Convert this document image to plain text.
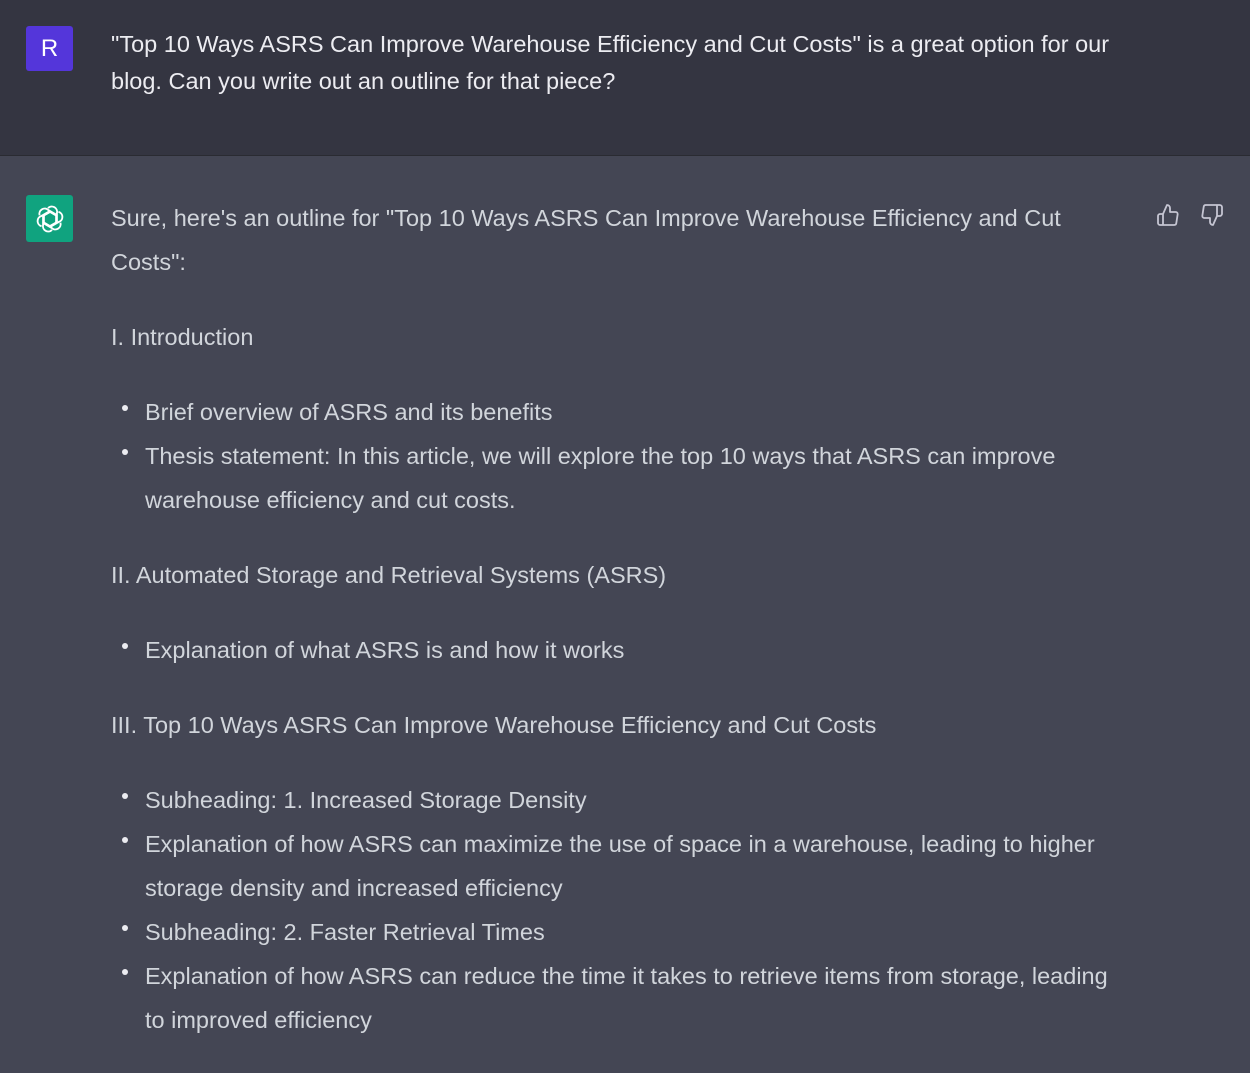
R	"Top 10 Ways ASRS Can Improve Warehouse Efficiency and Cut Costs" is a great option for our blog. Can you write out an outline for that piece?

Sure, here's an outline for "Top 10 Ways ASRS Can Improve Warehouse Efficiency and Cut Costs":

I. Introduction

Brief overview of ASRS and its benefits
Thesis statement: In this article, we will explore the top 10 ways that ASRS can improve warehouse efficiency and cut costs.

II. Automated Storage and Retrieval Systems (ASRS)

Explanation of what ASRS is and how it works

III. Top 10 Ways ASRS Can Improve Warehouse Efficiency and Cut Costs

Subheading: 1. Increased Storage Density
Explanation of how ASRS can maximize the use of space in a warehouse, leading to higher storage density and increased efficiency
Subheading: 2. Faster Retrieval Times
Explanation of how ASRS can reduce the time it takes to retrieve items from storage, leading to improved efficiency
